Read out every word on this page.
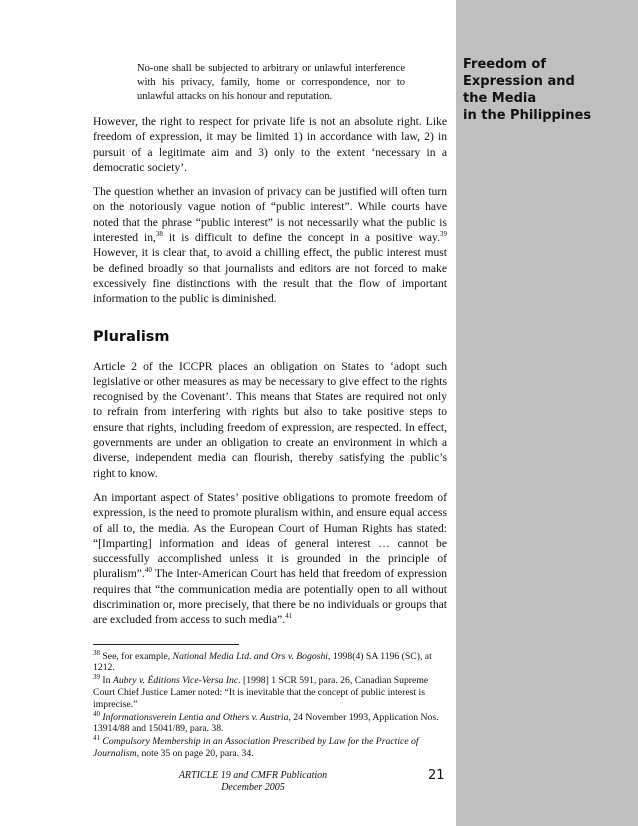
Freedom of
Expression and
the Media
in the Philippines
No-one shall be subjected to arbitrary or unlawful interference with his privacy, family, home or correspondence, nor to unlawful attacks on his honour and reputation.

However, the right to respect for private life is not an absolute right. Like freedom of expression, it may be limited 1) in accordance with law, 2) in pursuit of a legitimate aim and 3) only to the extent ‘necessary in a democratic society’.

The question whether an invasion of privacy can be justified will often turn on the notoriously vague notion of “public interest”. While courts have noted that the phrase “public interest” is not necessarily what the public is interested in,$^{38}$ it is difficult to define the concept in a positive way.$^{39}$ However, it is clear that, to avoid a chilling effect, the public interest must be defined broadly so that journalists and editors are not forced to make excessively fine distinctions with the result that the flow of important information to the public is diminished.

Pluralism

Article 2 of the ICCPR places an obligation on States to ‘adopt such legislative or other measures as may be necessary to give effect to the rights recognised by the Covenant’. This means that States are required not only to refrain from interfering with rights but also to take positive steps to ensure that rights, including freedom of expression, are respected. In effect, governments are under an obligation to create an environment in which a diverse, independent media can flourish, thereby satisfying the public’s right to know.

An important aspect of States’ positive obligations to promote freedom of expression, is the need to promote pluralism within, and ensure equal access of all to, the media. As the European Court of Human Rights has stated: “[Imparting] information and ideas of general interest … cannot be successfully accomplished unless it is grounded in the principle of pluralism”.$^{40}$ The Inter-American Court has held that freedom of expression requires that “the communication media are potentially open to all without discrimination or, more precisely, that there be no individuals or groups that are excluded from access to such media”.$^{41}$

$^{38}$ See, for example, National Media Ltd. and Ors v. Bogoshi, 1998(4) SA 1196 (SC), at 1212.
$^{39}$ In Aubry v. Éditions Vice-Versa Inc. [1998] 1 SCR 591, para. 26, Canadian Supreme Court Chief Justice Lamer noted: “It is inevitable that the concept of public interest is imprecise.”
$^{40}$ Informationsverein Lentia and Others v. Austria, 24 November 1993, Application Nos. 13914/88 and 15041/89, para. 38.
$^{41}$ Compulsory Membership in an Association Prescribed by Law for the Practice of Journalism, note 35 on page 20, para. 34.
ARTICLE 19 and CMFR Publication
December 2005
21
